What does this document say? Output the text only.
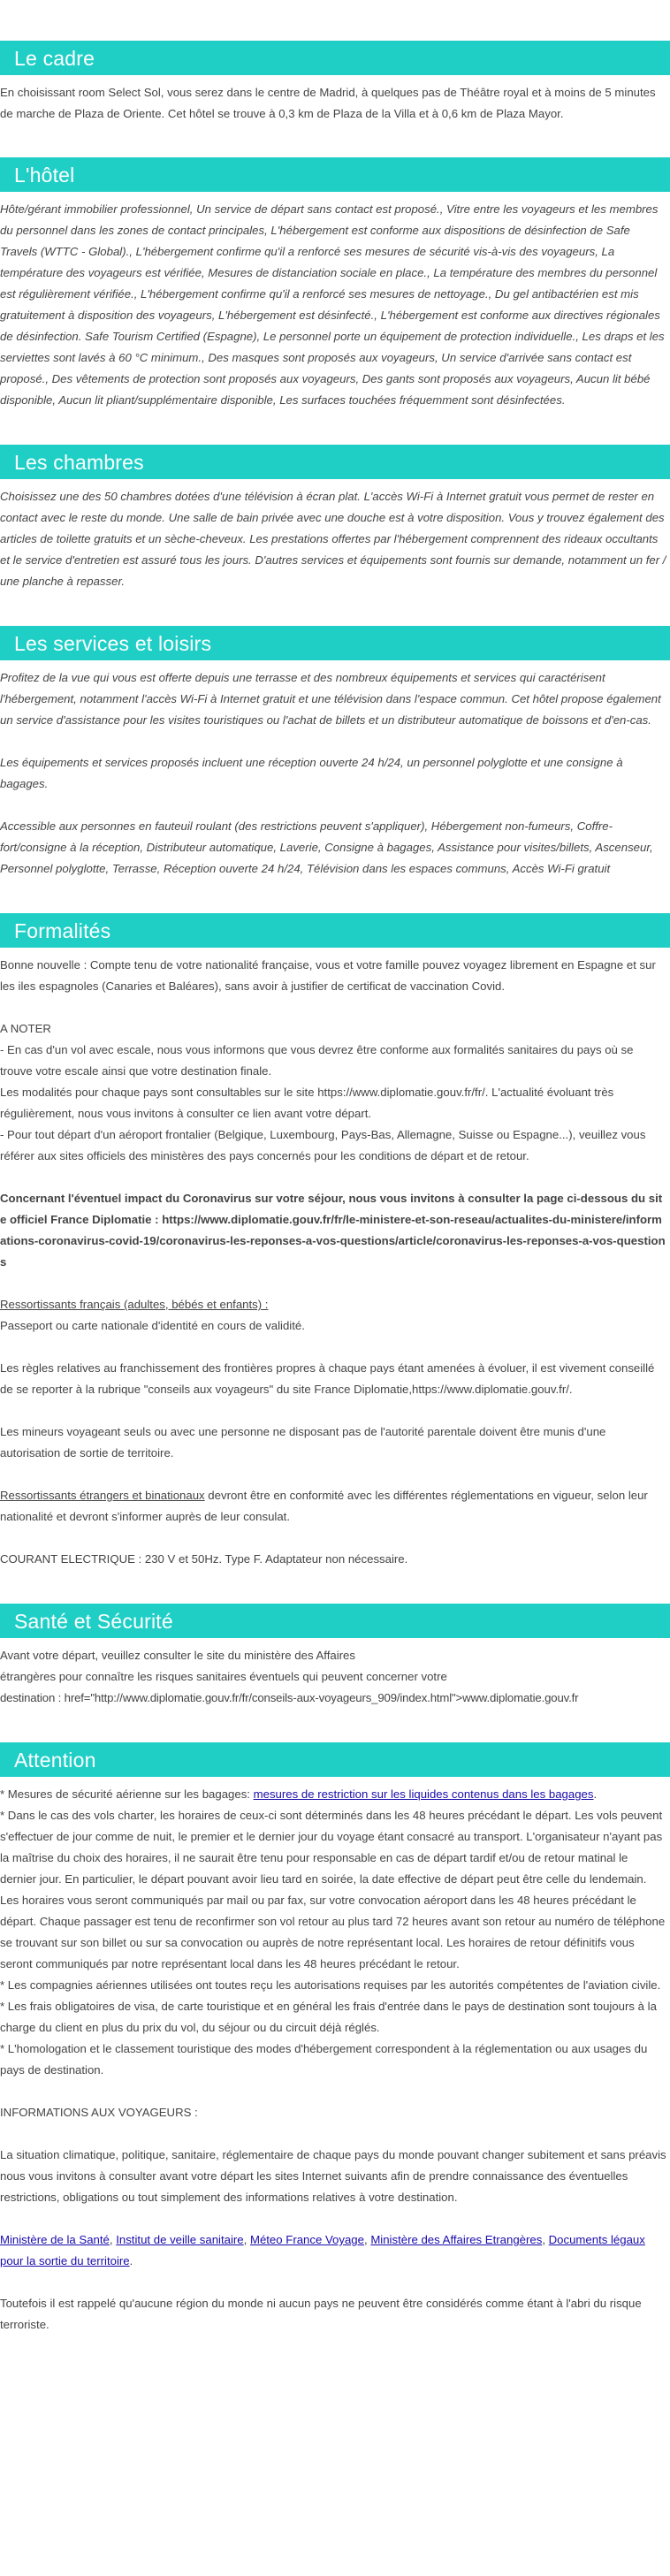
Le cadre

En choisissant room Select Sol, vous serez dans le centre de Madrid, à quelques pas de Théâtre royal et à moins de 5 minutes de marche de Plaza de Oriente. Cet hôtel se trouve à 0,3 km de Plaza de la Villa et à 0,6 km de Plaza Mayor.

L'hôtel

Hôte/gérant immobilier professionnel, Un service de départ sans contact est proposé., Vitre entre les voyageurs et les membres du personnel dans les zones de contact principales, L'hébergement est conforme aux dispositions de désinfection de Safe Travels (WTTC - Global)., L'hébergement confirme qu'il a renforcé ses mesures de sécurité vis-à-vis des voyageurs, La température des voyageurs est vérifiée, Mesures de distanciation sociale en place., La température des membres du personnel est régulièrement vérifiée., L'hébergement confirme qu'il a renforcé ses mesures de nettoyage., Du gel antibactérien est mis gratuitement à disposition des voyageurs, L'hébergement est désinfecté., L'hébergement est conforme aux directives régionales de désinfection. Safe Tourism Certified (Espagne), Le personnel porte un équipement de protection individuelle., Les draps et les serviettes sont lavés à 60 °C minimum., Des masques sont proposés aux voyageurs, Un service d'arrivée sans contact est proposé., Des vêtements de protection sont proposés aux voyageurs, Des gants sont proposés aux voyageurs, Aucun lit bébé disponible, Aucun lit pliant/supplémentaire disponible, Les surfaces touchées fréquemment sont désinfectées.

Les chambres

Choisissez une des 50 chambres dotées d'une télévision à écran plat. L'accès Wi-Fi à Internet gratuit vous permet de rester en contact avec le reste du monde. Une salle de bain privée avec une douche est à votre disposition. Vous y trouvez également des articles de toilette gratuits et un sèche-cheveux. Les prestations offertes par l'hébergement comprennent des rideaux occultants et le service d'entretien est assuré tous les jours. D'autres services et équipements sont fournis sur demande, notamment un fer / une planche à repasser.

Les services et loisirs

Profitez de la vue qui vous est offerte depuis une terrasse et des nombreux équipements et services qui caractérisent l'hébergement, notamment l'accès Wi-Fi à Internet gratuit et une télévision dans l'espace commun. Cet hôtel propose également un service d'assistance pour les visites touristiques ou l'achat de billets et un distributeur automatique de boissons et d'en-cas.

Les équipements et services proposés incluent une réception ouverte 24 h/24, un personnel polyglotte et une consigne à bagages.

Accessible aux personnes en fauteuil roulant (des restrictions peuvent s'appliquer), Hébergement non-fumeurs, Coffre-fort/consigne à la réception, Distributeur automatique, Laverie, Consigne à bagages, Assistance pour visites/billets, Ascenseur, Personnel polyglotte, Terrasse, Réception ouverte 24 h/24, Télévision dans les espaces communs, Accès Wi-Fi gratuit

Formalités

Bonne nouvelle : Compte tenu de votre nationalité française, vous et votre famille pouvez voyagez librement en Espagne et sur les iles espagnoles (Canaries et Baléares), sans avoir à justifier de certificat de vaccination Covid.

A NOTER

- En cas d'un vol avec escale, nous vous informons que vous devrez être conforme aux formalités sanitaires du pays où se trouve votre escale ainsi que votre destination finale.

Les modalités pour chaque pays sont consultables sur le site https://www.diplomatie.gouv.fr/fr/. L'actualité évoluant très régulièrement, nous vous invitons à consulter ce lien avant votre départ.

- Pour tout départ d'un aéroport frontalier (Belgique, Luxembourg, Pays-Bas, Allemagne, Suisse ou Espagne...), veuillez vous référer aux sites officiels des ministères des pays concernés pour les conditions de départ et de retour.

Concernant l'éventuel impact du Coronavirus sur votre séjour, nous vous invitons à consulter la page ci-dessous du site officiel France Diplomatie : https://www.diplomatie.gouv.fr/fr/le-ministere-et-son-reseau/actualites-du-ministere/informations-coronavirus-covid-19/coronavirus-les-reponses-a-vos-questions/article/coronavirus-les-reponses-a-vos-questions

Ressortissants français (adultes, bébés et enfants) :

Passeport ou carte nationale d'identité en cours de validité.

Les règles relatives au franchissement des frontières propres à chaque pays étant amenées à évoluer, il est vivement conseillé de se reporter à la rubrique "conseils aux voyageurs" du site France Diplomatie,https://www.diplomatie.gouv.fr/.

Les mineurs voyageant seuls ou avec une personne ne disposant pas de l'autorité parentale doivent être munis d'une autorisation de sortie de territoire.

Ressortissants étrangers et binationaux devront être en conformité avec les différentes réglementations en vigueur, selon leur nationalité et devront s'informer auprès de leur consulat.

COURANT ELECTRIQUE : 230 V et 50Hz. Type F. Adaptateur non nécessaire.

Santé et Sécurité

Avant votre départ, veuillez consulter le site du ministère des Affaires

étrangères pour connaître les risques sanitaires éventuels qui peuvent concerner votre

destination : href="http://www.diplomatie.gouv.fr/fr/conseils-aux-voyageurs_909/index.html">www.diplomatie.gouv.fr

Attention

* Mesures de sécurité aérienne sur les bagages: mesures de restriction sur les liquides contenus dans les bagages.

* Dans le cas des vols charter, les horaires de ceux-ci sont déterminés dans les 48 heures précédant le départ. Les vols peuvent s'effectuer de jour comme de nuit, le premier et le dernier jour du voyage étant consacré au transport. L'organisateur n'ayant pas la maîtrise du choix des horaires, il ne saurait être tenu pour responsable en cas de départ tardif et/ou de retour matinal le dernier jour. En particulier, le départ pouvant avoir lieu tard en soirée, la date effective de départ peut être celle du lendemain. Les horaires vous seront communiqués par mail ou par fax, sur votre convocation aéroport dans les 48 heures précédant le départ. Chaque passager est tenu de reconfirmer son vol retour au plus tard 72 heures avant son retour au numéro de téléphone se trouvant sur son billet ou sur sa convocation ou auprès de notre représentant local. Les horaires de retour définitifs vous seront communiqués par notre représentant local dans les 48 heures précédant le retour.

* Les compagnies aériennes utilisées ont toutes reçu les autorisations requises par les autorités compétentes de l'aviation civile.

* Les frais obligatoires de visa, de carte touristique et en général les frais d'entrée dans le pays de destination sont toujours à la charge du client en plus du prix du vol, du séjour ou du circuit déjà réglés.

* L'homologation et le classement touristique des modes d'hébergement correspondent à la réglementation ou aux usages du pays de destination.

INFORMATIONS AUX VOYAGEURS :

La situation climatique, politique, sanitaire, réglementaire de chaque pays du monde pouvant changer subitement et sans préavis nous vous invitons à consulter avant votre départ les sites Internet suivants afin de prendre connaissance des éventuelles restrictions, obligations ou tout simplement des informations relatives à votre destination.

Ministère de la Santé, Institut de veille sanitaire, Méteo France Voyage, Ministère des Affaires Etrangères, Documents légaux pour la sortie du territoire.

Toutefois il est rappelé qu'aucune région du monde ni aucun pays ne peuvent être considérés comme étant à l'abri du risque terroriste.
